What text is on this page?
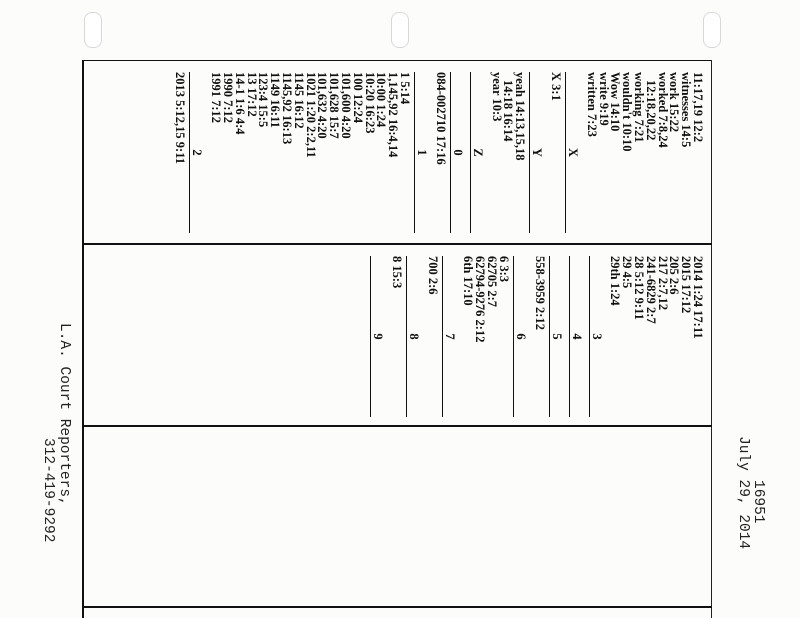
11:17,19 12:2
witnesses 14:5
work 15:22
worked 7:8,24
12:18,20,22
working 7:21
wouldn't 10:10
Wow 14:10
write 9:19
written 7:23
X
X 3:1
Y
yeah 14:13,15,18
14:18 16:14
year 10:3
Z
0
084-002710 17:16
1
1 5:14
1,145,92 16:4,14
10:00 1:24
10:20 16:23
100 12:24
101,600 4:20
101,628 15:7
101,632 4:20
1021 1:20 2:2,11
1145 16:12
1145,92 16:13
1149 16:11
123:4 15:5
13 17:12
14-1 1:6 4:4
1990 7:12
1991 7:12
2
2013 5:12,15 9:11
2014 1:24 17:11
2015 17:12
205 2:6
217 2:7,12
241-6829 2:7
28 5:12 9:11
29 4:5
29th 1:24
3
4
5
558-3959 2:12
6
6 3:3
62705 2:7
62794-9276 2:12
6th 17:10
7
700 2:6
8
8 15:3
9
16951
July 29, 2014
L.A. Court Reporters,
312-419-9292
